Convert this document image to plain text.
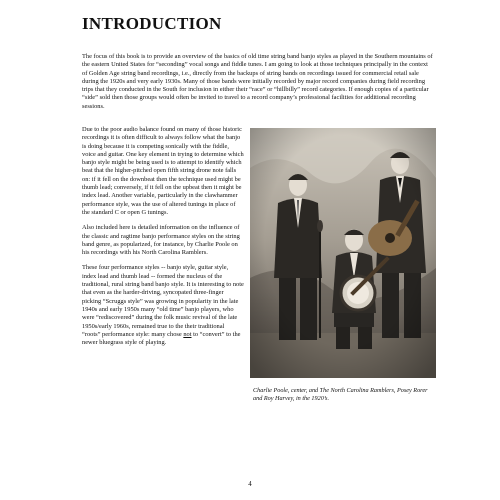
INTRODUCTION

The focus of this book is to provide an overview of the basics of old time string band banjo styles as played in the Southern mountains of the eastern United States for “seconding” vocal songs and fiddle tunes. I am going to look at those techniques principally in the context of Golden Age string band recordings, i.e., directly from the backups of string bands on recordings issued for commercial retail sale during the 1920s and very early 1930s. Many of those bands were initially recorded by major record companies during field recording trips that they conducted in the South for inclusion in either their “race” or “hillbilly” record categories. If enough copies of a particular “side” sold then those groups would often be invited to travel to a record company’s professional facilities for additional recording sessions.

Due to the poor audio balance found on many of those historic recordings it is often difficult to always follow what the banjo is doing because it is competing sonically with the fiddle, voice and guitar. One key element in trying to determine which banjo style might be being used is to attempt to identify which beat that the higher-pitched open fifth string drone note falls on: if it fell on the downbeat then the technique used might be thumb lead; conversely, if it fell on the upbeat then it might be index lead. Another variable, particularly in the clawhammer performance style, was the use of altered tunings in place of the standard C or open G tunings.

Also included here is detailed information on the influence of the classic and ragtime banjo performance styles on the string band genre, as popularized, for instance, by Charlie Poole on his recordings with his North Carolina Ramblers.

These four performance styles -- banjo style, guitar style, index lead and thumb lead -- formed the nucleus of the traditional, rural string band banjo style. It is interesting to note that even as the harder-driving, syncopated three-finger picking “Scruggs style” was growing in popularity in the late 1940s and early 1950s many “old time” banjo players, who were “rediscovered” during the folk music revival of the late 1950s/early 1960s, remained true to the their traditional “roots” performance style: many chose not to “convert” to the newer bluegrass style of playing.

Charlie Poole, center, and The North Carolina Ramblers, Posey Rorer and Roy Harvey, in the 1920’s.

4
